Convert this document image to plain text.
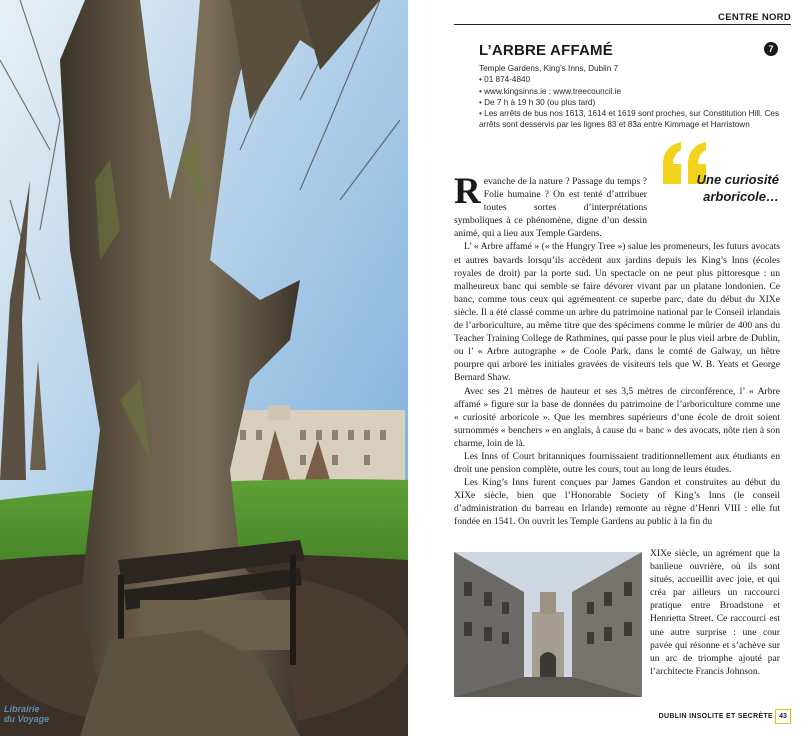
Librairie
du Voyage
CENTRE NORD
L’ARBRE AFFAMÉ	7
Temple Gardens, King’s Inns, Dublin 7
• 01 874-4840
• www.kingsinns.ie ; www.treecouncil.ie
• De 7 h à 19 h 30 (ou plus tard)
• Les arrêts de bus nos 1613, 1614 et 1619 sont proches, sur Constitution Hill. Ces arrêts sont desservis par les lignes 83 et 83a entre Kimmage et Harristown
Une curiosité arboricole…
Revanche de la nature ? Passage du temps ? Folie humaine ? On est tenté d’attribuer toutes sortes d’interprétations symboliques à ce phénomène, digne d’un dessin animé, qui a lieu aux Temple Gardens.

L’ « Arbre affamé » (« the Hungry Tree ») salue les promeneurs, les futurs avocats et autres bavards lorsqu’ils accèdent aux jardins depuis les King’s Inns (écoles royales de droit) par la porte sud. Un spectacle on ne peut plus pittoresque : un malheureux banc qui semble se faire dévorer vivant par un platane londonien. Ce banc, comme tous ceux qui agrémentent ce superbe parc, date du début du XIXe siècle. Il a été classé comme un arbre du patrimoine national par le Conseil irlandais de l’arboriculture, au même titre que des spécimens comme le mûrier de 400 ans du Teacher Training College de Rathmines, qui passe pour le plus vieil arbre de Dublin, ou l’ « Arbre autographe » de Coole Park, dans le comté de Galway, un hêtre pourpre qui arbore les initiales gravées de visiteurs tels que W. B. Yeats et George Bernard Shaw.

Avec ses 21 mètres de hauteur et ses 3,5 mètres de circonférence, l’ « Arbre affamé » figure sur la base de données du patrimoine de l’arboriculture comme une « curiosité arboricole ». Que les membres supérieurs d’une école de droit soient surnommés « benchers » en anglais, à cause du « banc » des avocats, nôte rien à son charme, loin de là.

Les Inns of Court britanniques fournissaient traditionnellement aux étudiants en droit une pension complète, outre les cours, tout au long de leurs études.

Les King’s Inns furent conçues par James Gandon et construites au début du XIXe siècle, bien que l’Honorable Society of King’s Inns (le conseil d’administration du barreau en Irlande) remonte au règne d’Henri VIII : elle fut fondée en 1541. On ouvrit les Temple Gardens au public à la fin du

XIXe siècle, un agrément que la banlieue ouvrière, où ils sont situés, accueillit avec joie, et qui créa par ailleurs un raccourci pratique entre Broadstone et Henrietta Street. Ce raccourci est une autre surprise : une cour pavée qui résonne et s’achève sur un arc de triomphe ajouté par l’architecte Francis Johnson.
DUBLIN INSOLITE ET SECRÈTE 43
